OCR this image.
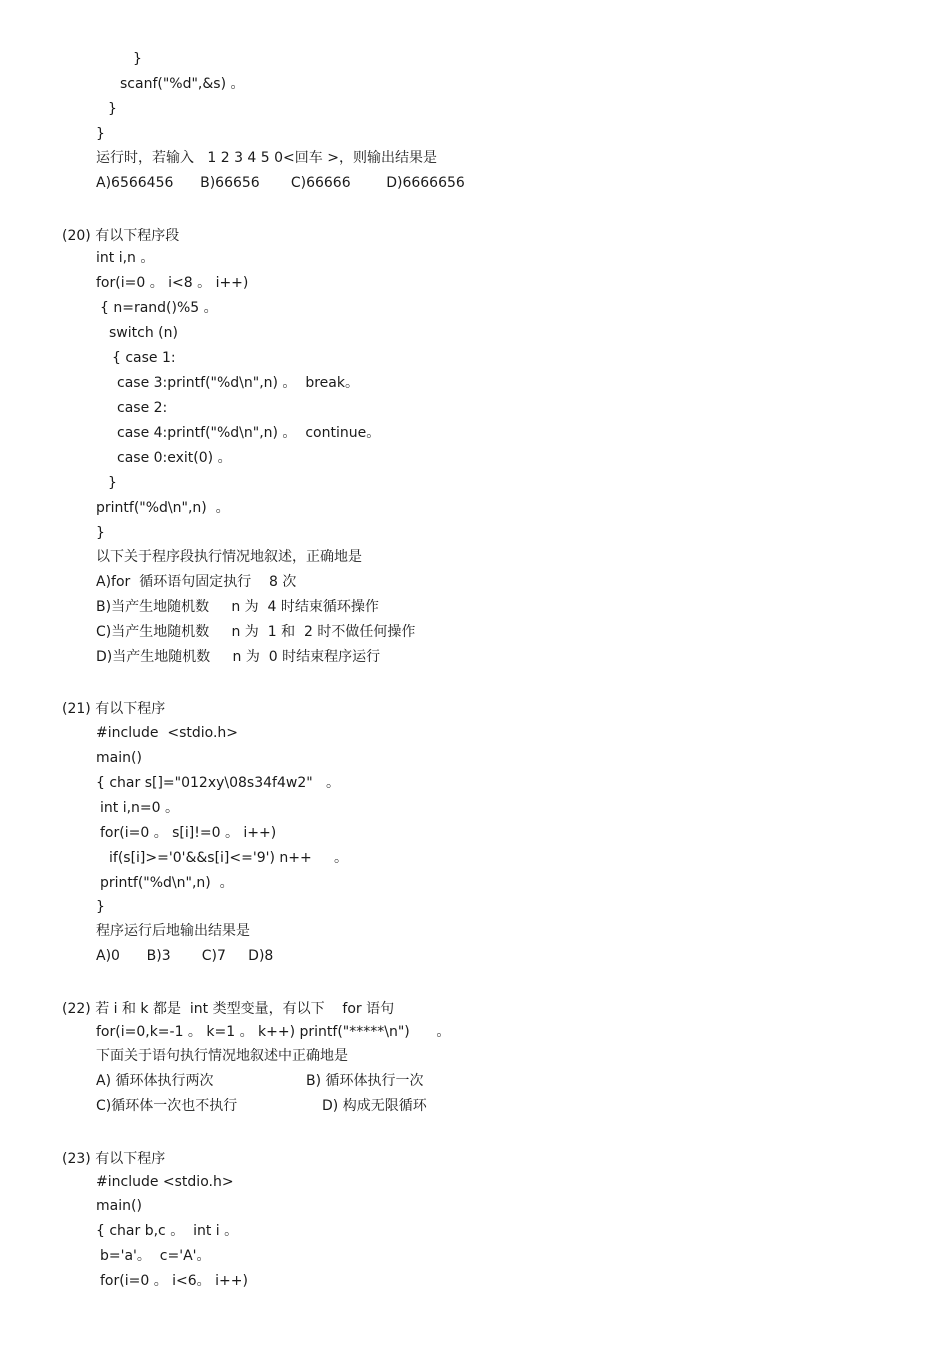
}

scanf("%d",&s) 。

}

}

运行时，若输入   1 2 3 4 5 0<回车 >，则输出结果是

A)6566456      B)66656       C)66666        D)6666656

(20) 有以下程序段

int i,n 。

for(i=0 。 i<8 。 i++)

{ n=rand()%5 。

switch (n)

{ case 1:

case 3:printf("%d\n",n) 。  break。

case 2:

case 4:printf("%d\n",n) 。  continue。

case 0:exit(0) 。

}

printf("%d\n",n)  。

}

以下关于程序段执行情况地叙述，正确地是

A)for  循环语句固定执行    8 次

B)当产生地随机数     n 为  4 时结束循环操作

C)当产生地随机数     n 为  1 和  2 时不做任何操作

D)当产生地随机数     n 为  0 时结束程序运行

(21) 有以下程序

#include  <stdio.h>

main()

{ char s[]="012xy\08s34f4w2"   。

int i,n=0 。

for(i=0 。 s[i]!=0 。 i++)

if(s[i]>='0'&&s[i]<='9') n++     。

printf("%d\n",n)  。

}

程序运行后地输出结果是

A)0      B)3       C)7     D)8

(22) 若 i 和 k 都是  int 类型变量，有以下    for 语句

for(i=0,k=-1 。 k=1 。 k++) printf("*****\n")      。

下面关于语句执行情况地叙述中正确地是

A) 循环体执行两次	B) 循环体执行一次

C)循环体一次也不执行	D) 构成无限循环

(23) 有以下程序

#include <stdio.h>

main()

{ char b,c 。  int i 。

b='a'。  c='A'。

for(i=0 。 i<6。 i++)
